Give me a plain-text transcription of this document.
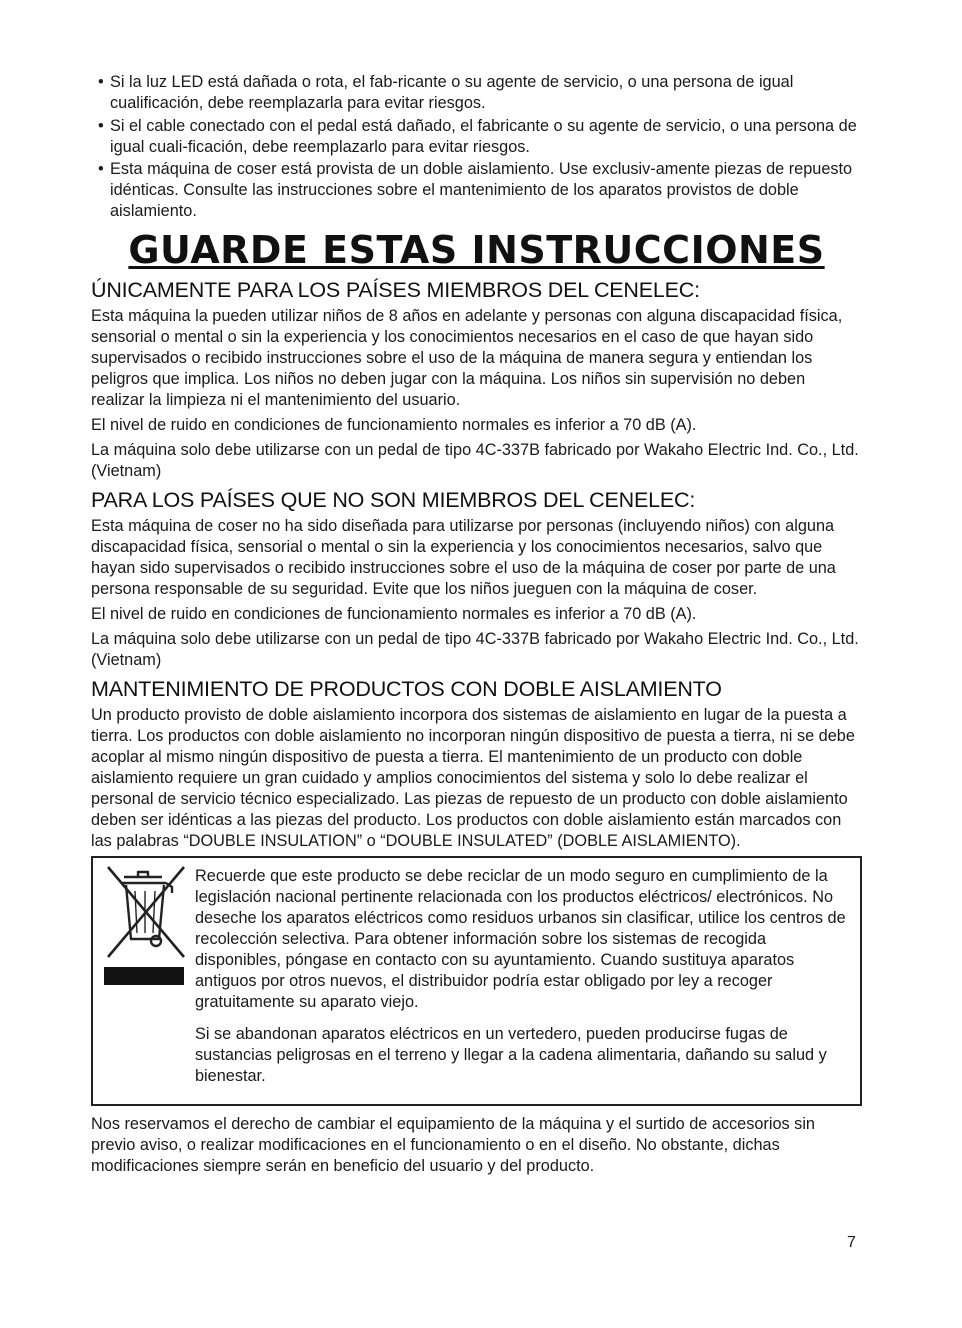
• Si la luz LED está dañada o rota, el fab-ricante o su agente de servicio, o una persona de igual cualificación, debe reemplazarla para evitar riesgos.
• Si el cable conectado con el pedal está dañado, el fabricante o su agente de servicio, o una persona de igual cuali-ficación, debe reemplazarlo para evitar riesgos.
• Esta máquina de coser está provista de un doble aislamiento. Use exclusiv-amente piezas de repuesto idénticas. Consulte las instrucciones sobre el mantenimiento de los aparatos provistos de doble aislamiento.
GUARDE ESTAS INSTRUCCIONES
ÚNICAMENTE PARA LOS PAÍSES MIEMBROS DEL CENELEC:

Esta máquina la pueden utilizar niños de 8 años en adelante y personas con alguna discapacidad física, sensorial o mental o sin la experiencia y los conocimientos necesarios en el caso de que hayan sido supervisados o recibido instrucciones sobre el uso de la máquina de manera segura y entiendan los peligros que implica. Los niños no deben jugar con la máquina. Los niños sin supervisión no deben realizar la limpieza ni el mantenimiento del usuario.

El nivel de ruido en condiciones de funcionamiento normales es inferior a 70 dB (A).

La máquina solo debe utilizarse con un pedal de tipo 4C-337B fabricado por Wakaho Electric Ind. Co., Ltd. (Vietnam)

PARA LOS PAÍSES QUE NO SON MIEMBROS DEL CENELEC:

Esta máquina de coser no ha sido diseñada para utilizarse por personas (incluyendo niños) con alguna discapacidad física, sensorial o mental o sin la experiencia y los conocimientos necesarios, salvo que hayan sido supervisados o recibido instrucciones sobre el uso de la máquina de coser por parte de una persona responsable de su seguridad. Evite que los niños jueguen con la máquina de coser.

El nivel de ruido en condiciones de funcionamiento normales es inferior a 70 dB (A).

La máquina solo debe utilizarse con un pedal de tipo 4C-337B fabricado por Wakaho Electric Ind. Co., Ltd. (Vietnam)

MANTENIMIENTO DE PRODUCTOS CON DOBLE AISLAMIENTO

Un producto provisto de doble aislamiento incorpora dos sistemas de aislamiento en lugar de la puesta a tierra. Los productos con doble aislamiento no incorporan ningún dispositivo de puesta a tierra, ni se debe acoplar al mismo ningún dispositivo de puesta a tierra. El mantenimiento de un producto con doble aislamiento requiere un gran cuidado y amplios conocimientos del sistema y solo lo debe realizar el personal de servicio técnico especializado. Las piezas de repuesto de un producto con doble aislamiento deben ser idénticas a las piezas del producto. Los productos con doble aislamiento están marcados con las palabras “DOUBLE INSULATION” o “DOUBLE INSULATED” (DOBLE AISLAMIENTO).

Recuerde que este producto se debe reciclar de un modo seguro en cumplimiento de la legislación nacional pertinente relacionada con los productos eléctricos/ electrónicos. No deseche los aparatos eléctricos como residuos urbanos sin clasificar, utilice los centros de recolección selectiva. Para obtener información sobre los sistemas de recogida disponibles, póngase en contacto con su ayuntamiento. Cuando sustituya aparatos antiguos por otros nuevos, el distribuidor podría estar obligado por ley a recoger gratuitamente su aparato viejo.

Si se abandonan aparatos eléctricos en un vertedero, pueden producirse fugas de sustancias peligrosas en el terreno y llegar a la cadena alimentaria, dañando su salud y bienestar.

Nos reservamos el derecho de cambiar el equipamiento de la máquina y el surtido de accesorios sin previo aviso, o realizar modificaciones en el funcionamiento o en el diseño. No obstante, dichas modificaciones siempre serán en beneficio del usuario y del producto.

7
